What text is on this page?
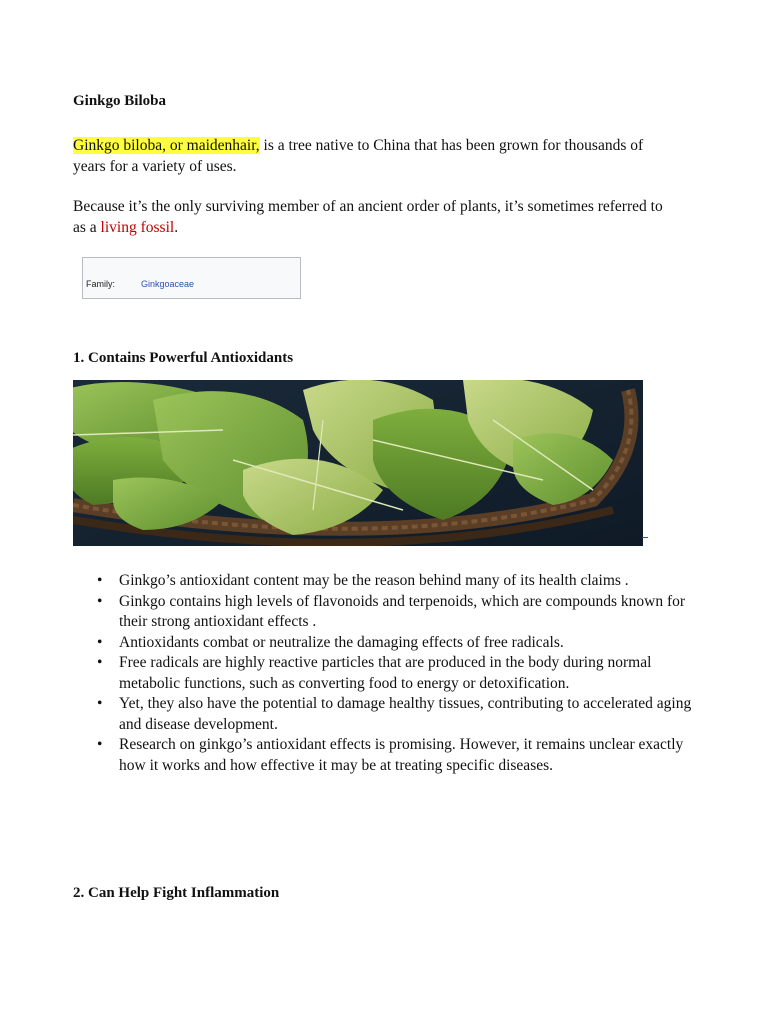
Ginkgo Biloba

Ginkgo biloba, or maidenhair, is a tree native to China that has been grown for thousands of years for a variety of uses.

Because it’s the only surviving member of an ancient order of plants, it’s sometimes referred to as a living fossil.

Family:	Ginkgoaceae
1. Contains Powerful Antioxidants
• Ginkgo’s antioxidant content may be the reason behind many of its health claims .
• Ginkgo contains high levels of flavonoids and terpenoids, which are compounds known for their strong antioxidant effects .
• Antioxidants combat or neutralize the damaging effects of free radicals.
• Free radicals are highly reactive particles that are produced in the body during normal metabolic functions, such as converting food to energy or detoxification.
• Yet, they also have the potential to damage healthy tissues, contributing to accelerated aging and disease development.
• Research on ginkgo’s antioxidant effects is promising. However, it remains unclear exactly how it works and how effective it may be at treating specific diseases.
2. Can Help Fight Inflammation
